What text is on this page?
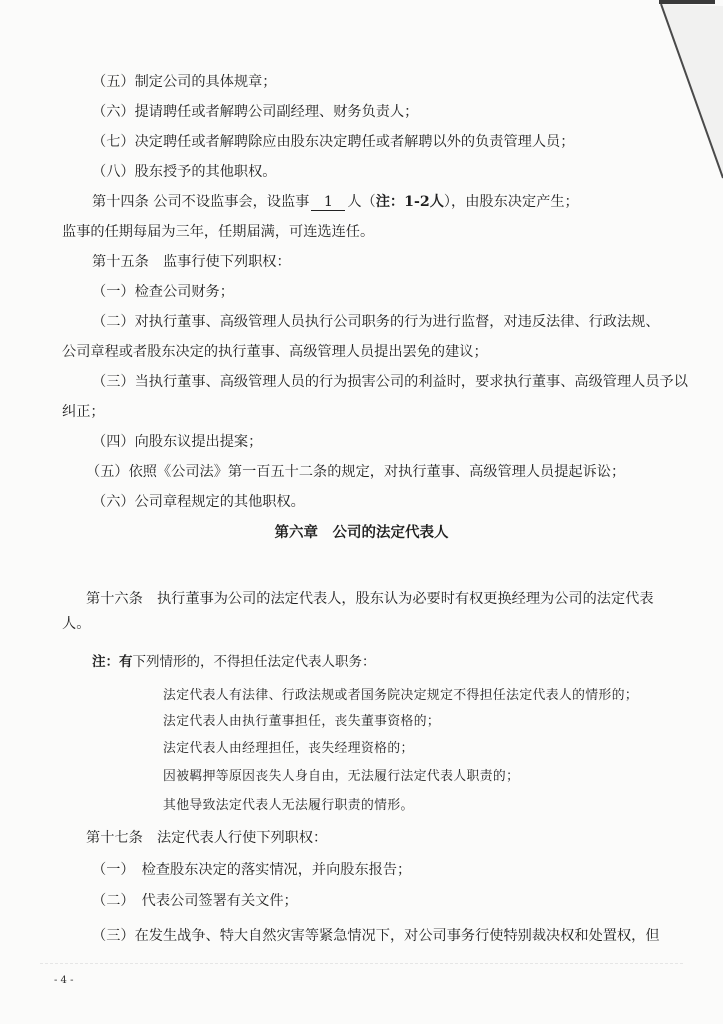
（五）制定公司的具体规章；
（六）提请聘任或者解聘公司副经理、财务负责人；
（七）决定聘任或者解聘除应由股东决定聘任或者解聘以外的负责管理人员；
（八）股东授予的其他职权。
第十四条 公司不设监事会，设监事 1 人（注：1-2人），由股东决定产生；
监事的任期每届为三年，任期届满，可连选连任。
第十五条　监事行使下列职权：
（一）检查公司财务；
（二）对执行董事、高级管理人员执行公司职务的行为进行监督，对违反法律、行政法规、
公司章程或者股东决定的执行董事、高级管理人员提出罢免的建议；
（三）当执行董事、高级管理人员的行为损害公司的利益时，要求执行董事、高级管理人员予以
纠正；
（四）向股东议提出提案；
（五）依照《公司法》第一百五十二条的规定，对执行董事、高级管理人员提起诉讼；
（六）公司章程规定的其他职权。
第六章　公司的法定代表人
第十六条　执行董事为公司的法定代表人，股东认为必要时有权更换经理为公司的法定代表
人。
注：有下列情形的，不得担任法定代表人职务：
法定代表人有法律、行政法规或者国务院决定规定不得担任法定代表人的情形的；
法定代表人由执行董事担任，丧失董事资格的；
法定代表人由经理担任，丧失经理资格的；
因被羁押等原因丧失人身自由，无法履行法定代表人职责的；
其他导致法定代表人无法履行职责的情形。
第十七条　法定代表人行使下列职权：
（一）　检查股东决定的落实情况，并向股东报告；
（二）　代表公司签署有关文件；
（三）在发生战争、特大自然灾害等紧急情况下，对公司事务行使特别裁决权和处置权，但
- 4 -
